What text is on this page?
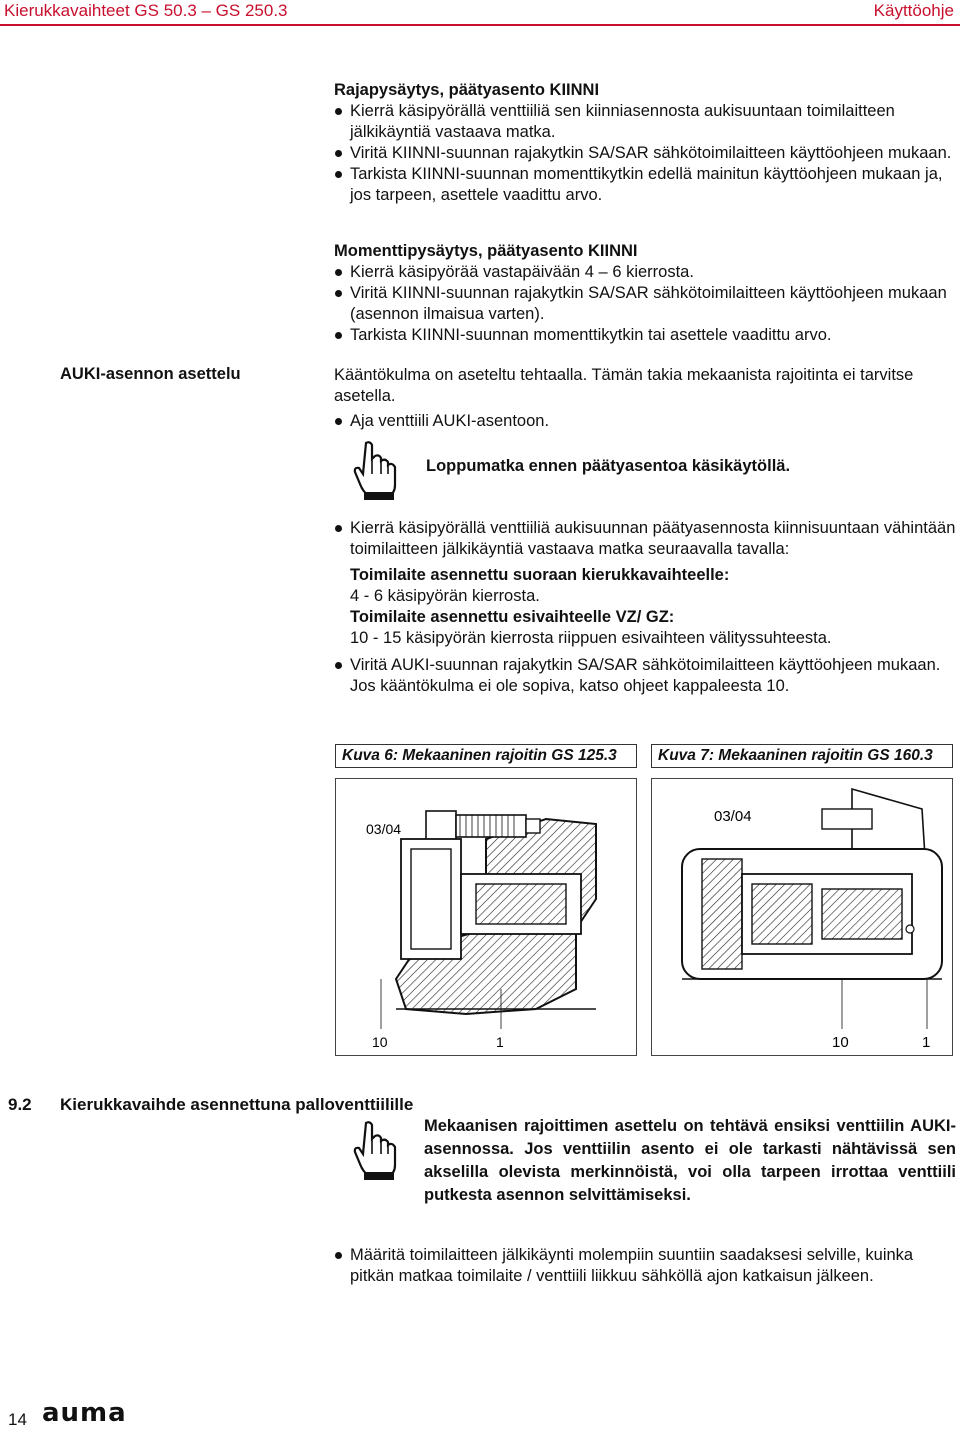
Kierukkavaihteet GS 50.3 – GS 250.3	Käyttöohje
Rajapysäytys, päätyasento KIINNI
Kierrä käsipyörällä venttiiliä sen kiinniasennosta aukisuuntaan toimilaitteen jälkikäyntiä vastaava matka.
Viritä KIINNI-suunnan rajakytkin SA/SAR sähkötoimilaitteen käyttöohjeen mukaan.
Tarkista KIINNI-suunnan momenttikytkin edellä mainitun käyttöohjeen mukaan ja, jos tarpeen, asettele vaadittu arvo.
Momenttipysäytys, päätyasento KIINNI
Kierrä käsipyörää vastapäivään 4 – 6 kierrosta.
Viritä KIINNI-suunnan rajakytkin SA/SAR sähkötoimilaitteen käyttöohjeen mukaan (asennon ilmaisua varten).
Tarkista KIINNI-suunnan momenttikytkin tai asettele vaadittu arvo.
AUKI-asennon asettelu	Kääntökulma on aseteltu tehtaalla. Tämän takia mekaanista rajoitinta ei tarvitse asetella.
Aja venttiili AUKI-asentoon.
Loppumatka ennen päätyasentoa käsikäytöllä.
Kierrä käsipyörällä venttiiliä aukisuunnan päätyasennosta kiinnisuuntaan vähintään toimilaitteen jälkikäyntiä vastaava matka seuraavalla tavalla:
Toimilaite asennettu suoraan kierukkavaihteelle:
4 - 6 käsipyörän kierrosta.
Toimilaite asennettu esivaihteelle VZ/ GZ:
10 - 15 käsipyörän kierrosta riippuen esivaihteen välityssuhteesta.
Viritä AUKI-suunnan rajakytkin SA/SAR sähkötoimilaitteen käyttöohjeen mukaan.
Jos kääntökulma ei ole sopiva, katso ohjeet kappaleesta 10.
Kuva 6: Mekaaninen rajoitin GS 125.3
03/04
10	1
Kuva 7: Mekaaninen rajoitin GS 160.3
03/04
10	1
9.2 Kierukkavaihde asennettuna palloventtiilille
Mekaanisen rajoittimen asettelu on tehtävä ensiksi venttiilin AUKI-asennossa. Jos venttiilin asento ei ole tarkasti nähtävissä sen akselilla olevista merkinnöistä, voi olla tarpeen irrottaa venttiili putkesta asennon selvittämiseksi.
Määritä toimilaitteen jälkikäynti molempiin suuntiin saadaksesi selville, kuinka pitkän matkaa toimilaite / venttiili liikkuu sähköllä ajon katkaisun jälkeen.
14 auma
